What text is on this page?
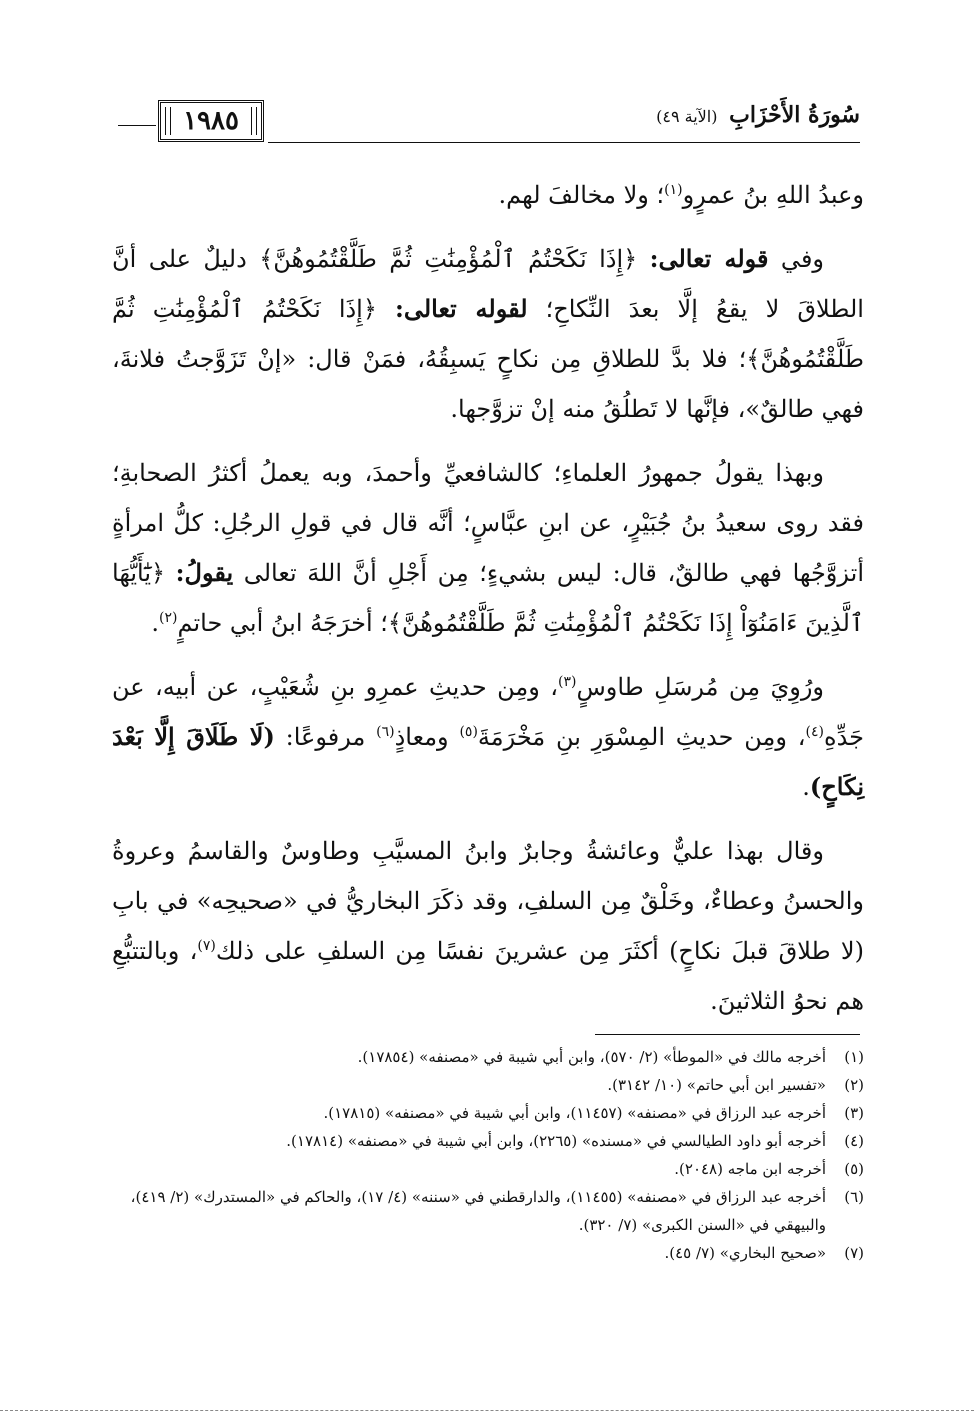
١٩٨٥	سُورَةُ الأَحْزَابِ (الآية ٤٩)

وعبدُ اللهِ بنُ عمرٍو$^{(١)}$؛ ولا مخالفَ لهم.

وفي قوله تعالى: ﴿إِذَا نَكَحْتُمُ ٱلْمُؤْمِنَٰتِ ثُمَّ طَلَّقْتُمُوهُنَّ﴾ دليلٌ على أنَّ الطلاقَ لا يقعُ إلَّا بعدَ النِّكاحِ؛ لقوله تعالى: ﴿إِذَا نَكَحْتُمُ ٱلْمُؤْمِنَٰتِ ثُمَّ طَلَّقْتُمُوهُنَّ﴾؛ فلا بدَّ للطلاقِ مِن نكاحٍ يَسبِقُهُ، فمَنْ قال: «إنْ تَزَوَّجتُ فلانةَ، فهي طالقٌ»، فإنَّها لا تَطلُقُ منه إنْ تزوَّجها.

وبهذا يقولُ جمهورُ العلماءِ؛ كالشافعيِّ وأحمدَ، وبه يعملُ أكثرُ الصحابةِ؛ فقد روى سعيدُ بنُ جُبَيْرٍ، عن ابنِ عبَّاسٍ؛ أنَّه قال في قولِ الرجُلِ: كلُّ امرأةٍ أتزوَّجُها فهي طالقٌ، قال: ليس بشيءٍ؛ مِن أَجْلِ أنَّ اللهَ تعالى يقولُ: ﴿يَٰٓأَيُّهَا ٱلَّذِينَ ءَامَنُوٓاْ إِذَا نَكَحْتُمُ ٱلْمُؤْمِنَٰتِ ثُمَّ طَلَّقْتُمُوهُنَّ﴾؛ أخرَجَهُ ابنُ أبي حاتمٍ$^{(٢)}$.

ورُوِيَ مِن مُرسَلِ طاوسٍ$^{(٣)}$، ومِن حديثِ عمرِو بنِ شُعَيْبٍ، عن أبيه، عن جَدِّهِ$^{(٤)}$، ومِن حديثِ المِسْوَرِ بنِ مَخْرَمَةَ$^{(٥)}$ ومعاذٍ$^{(٦)}$ مرفوعًا: (لَا طَلَاقَ إِلَّا بَعْدَ نِكَاحٍ).

وقال بهذا عليٌّ وعائشةُ وجابرٌ وابنُ المسيَّبِ وطاوسٌ والقاسمُ وعروةُ والحسنُ وعطاءٌ، وخَلْقٌ مِن السلفِ، وقد ذكَرَ البخاريُّ في «صحيحِه» في بابِ (لا طلاقَ قبلَ نكاحٍ) أكثَرَ مِن عشرينَ نفسًا مِن السلفِ على ذلك$^{(٧)}$، وبالتتبُّعِ هم نحوُ الثلاثينَ.

(١)
أخرجه مالك في «الموطأ» (٢/ ٥٧٠)، وابن أبي شيبة في «مصنفه» (١٧٨٥٤).
(٢)
«تفسير ابن أبي حاتم» (١٠/ ٣١٤٢).
(٣)
أخرجه عبد الرزاق في «مصنفه» (١١٤٥٧)، وابن أبي شيبة في «مصنفه» (١٧٨١٥).
(٤)
أخرجه أبو داود الطيالسي في «مسنده» (٢٢٦٥)، وابن أبي شيبة في «مصنفه» (١٧٨١٤).
(٥)
أخرجه ابن ماجه (٢٠٤٨).
(٦)
أخرجه عبد الرزاق في «مصنفه» (١١٤٥٥)، والدارقطني في «سننه» (٤/ ١٧)، والحاكم في «المستدرك» (٢/ ٤١٩)، والبيهقي في «السنن الكبرى» (٧/ ٣٢٠).
(٧)
«صحيح البخاري» (٧/ ٤٥).
